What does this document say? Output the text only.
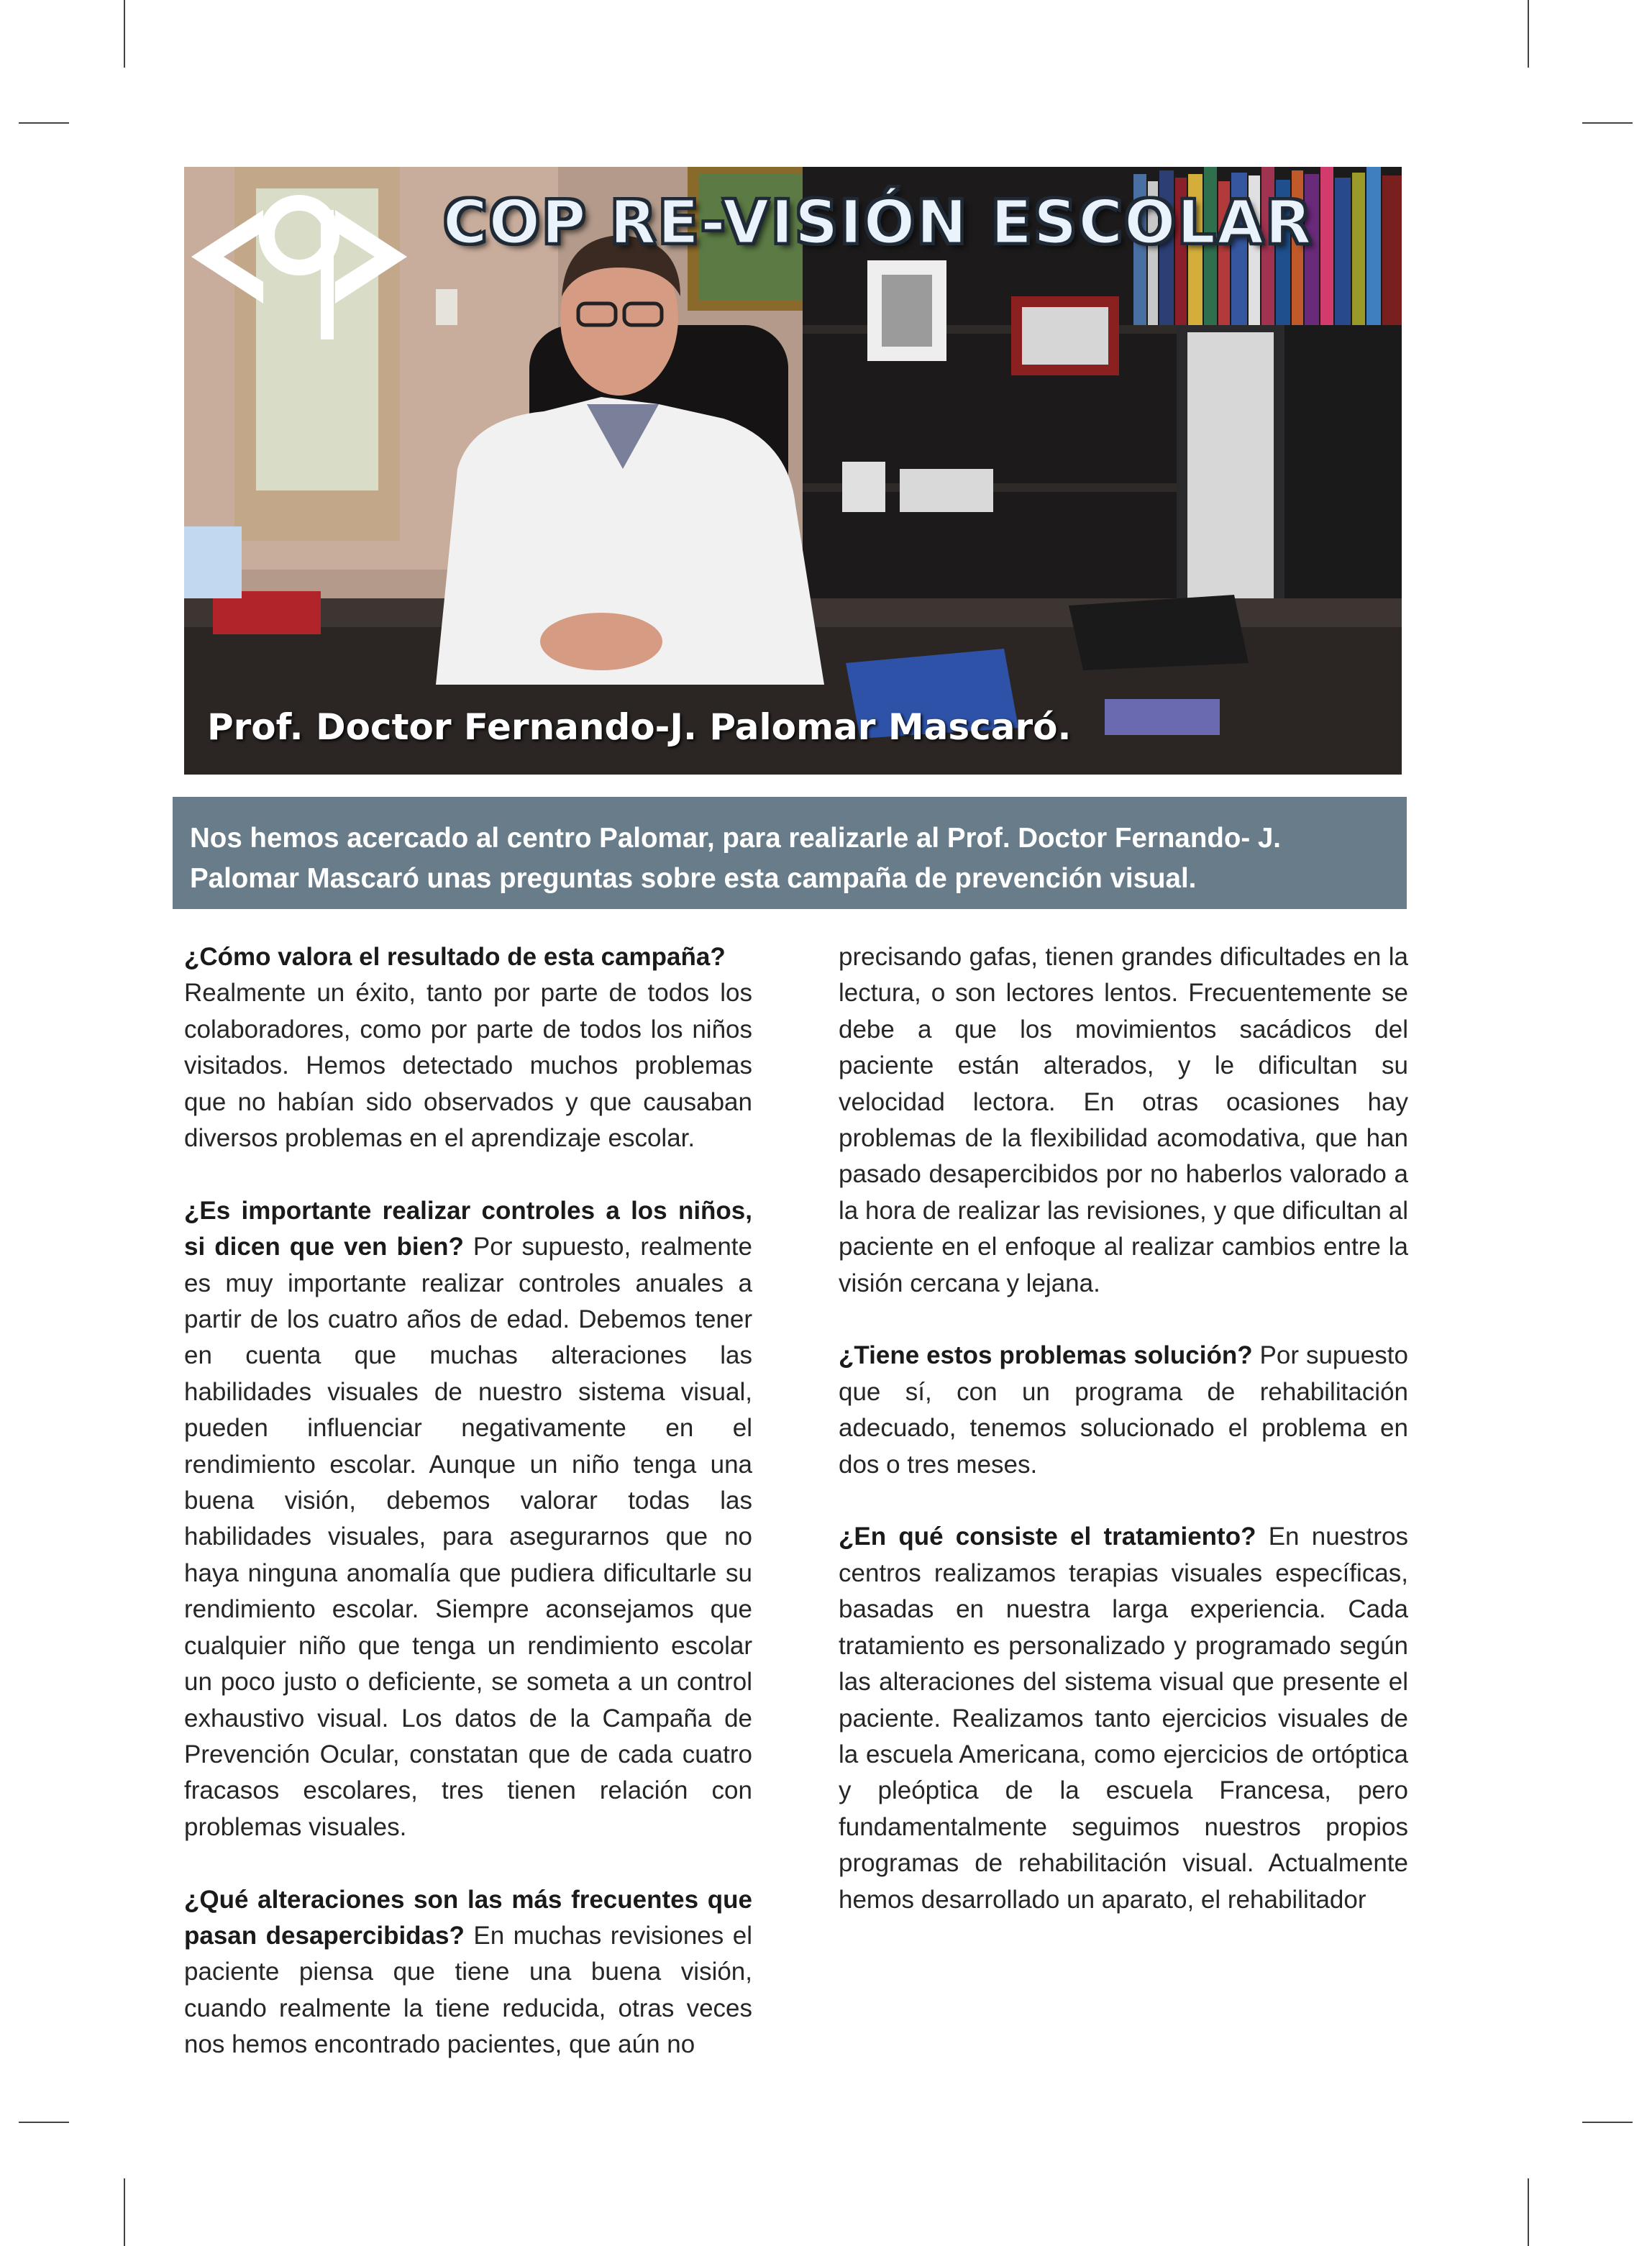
COP RE-VISIÓN ESCOLAR

Prof. Doctor Fernando-J. Palomar Mascaró.

Nos hemos acercado al centro Palomar, para realizarle al Prof. Doctor Fernando- J. Palomar Mascaró unas preguntas sobre esta campaña de prevención visual.

¿Cómo valora el resultado de esta campaña?
Realmente un éxito, tanto por parte de todos los colaboradores, como por parte de todos los niños visitados. Hemos detectado muchos problemas que no habían sido observados y que causaban diversos problemas en el aprendizaje escolar.

¿Es importante realizar controles a los niños, si dicen que ven bien? Por supuesto, realmente es muy importante realizar controles anuales a partir de los cuatro años de edad. Debemos tener en cuenta que muchas alteraciones las habilidades visuales de nuestro sistema visual, pueden influenciar negativamente en el rendimiento escolar. Aunque un niño tenga una buena visión, debemos valorar todas las habilidades visuales, para asegurarnos que no haya ninguna anomalía que pudiera dificultarle su rendimiento escolar. Siempre aconsejamos que cualquier niño que tenga un rendimiento escolar un poco justo o deficiente, se someta a un control exhaustivo visual. Los datos de la Campaña de Prevención Ocular, constatan que de cada cuatro fracasos escolares, tres tienen relación con problemas visuales.

¿Qué alteraciones son las más frecuentes que pasan desapercibidas? En muchas revisiones el paciente piensa que tiene una buena visión, cuando realmente la tiene reducida, otras veces nos hemos encontrado pacientes, que aún no

precisando gafas, tienen grandes dificultades en la lectura, o son lectores lentos. Frecuentemente se debe a que los movimientos sacádicos del paciente están alterados, y le dificultan su velocidad lectora. En otras ocasiones hay problemas de la flexibilidad acomodativa, que han pasado desapercibidos por no haberlos valorado a la hora de realizar las revisiones, y que dificultan al paciente en el enfoque al realizar cambios entre la visión cercana y lejana.

¿Tiene estos problemas solución? Por supuesto que sí, con un programa de rehabilitación adecuado, tenemos solucionado el problema en dos o tres meses.

¿En qué consiste el tratamiento? En nuestros centros realizamos terapias visuales específicas, basadas en nuestra larga experiencia. Cada tratamiento es personalizado y programado según las alteraciones del sistema visual que presente el paciente. Realizamos tanto ejercicios visuales de la escuela Americana, como ejercicios de ortóptica y pleóptica de la escuela Francesa, pero fundamentalmente seguimos nuestros propios programas de rehabilitación visual. Actualmente hemos desarrollado un aparato, el rehabilitador
